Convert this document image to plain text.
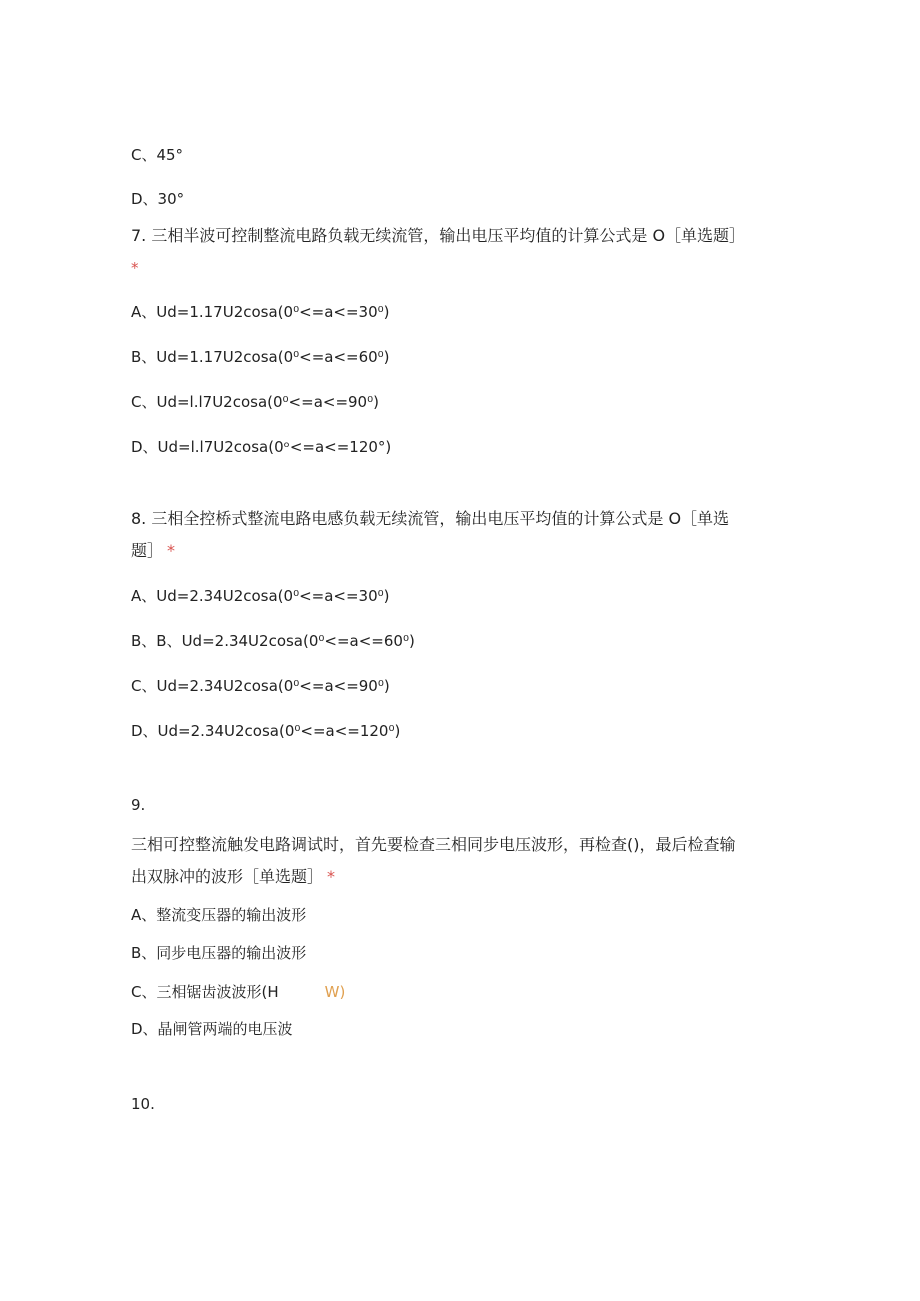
C、45°
D、30°
7. 三相半波可控制整流电路负载无续流管，输出电压平均值的计算公式是 O［单选题］
*
A、Ud=1.17U2cosa(0⁰<=a<=30⁰)
B、Ud=1.17U2cosa(0⁰<=a<=60⁰)
C、Ud=l.l7U2cosa(0⁰<=a<=90⁰)
D、Ud=l.l7U2cosa(0ᵒ<=a<=120°)
8. 三相全控桥式整流电路电感负载无续流管，输出电压平均值的计算公式是 O［单选
题］ *
A、Ud=2.34U2cosa(0⁰<=a<=30⁰)
B、B、Ud=2.34U2cosa(0⁰<=a<=60⁰)
C、Ud=2.34U2cosa(0⁰<=a<=90⁰)
D、Ud=2.34U2cosa(0⁰<=a<=120⁰)
9.
三相可控整流触发电路调试时，首先要检查三相同步电压波形，再检查()，最后检查输
出双脉冲的波形［单选题］ *
A、整流变压器的输出波形
B、同步电压器的输出波形
C、三相锯齿波波形(H	W)
D、晶闸管两端的电压波
10.
